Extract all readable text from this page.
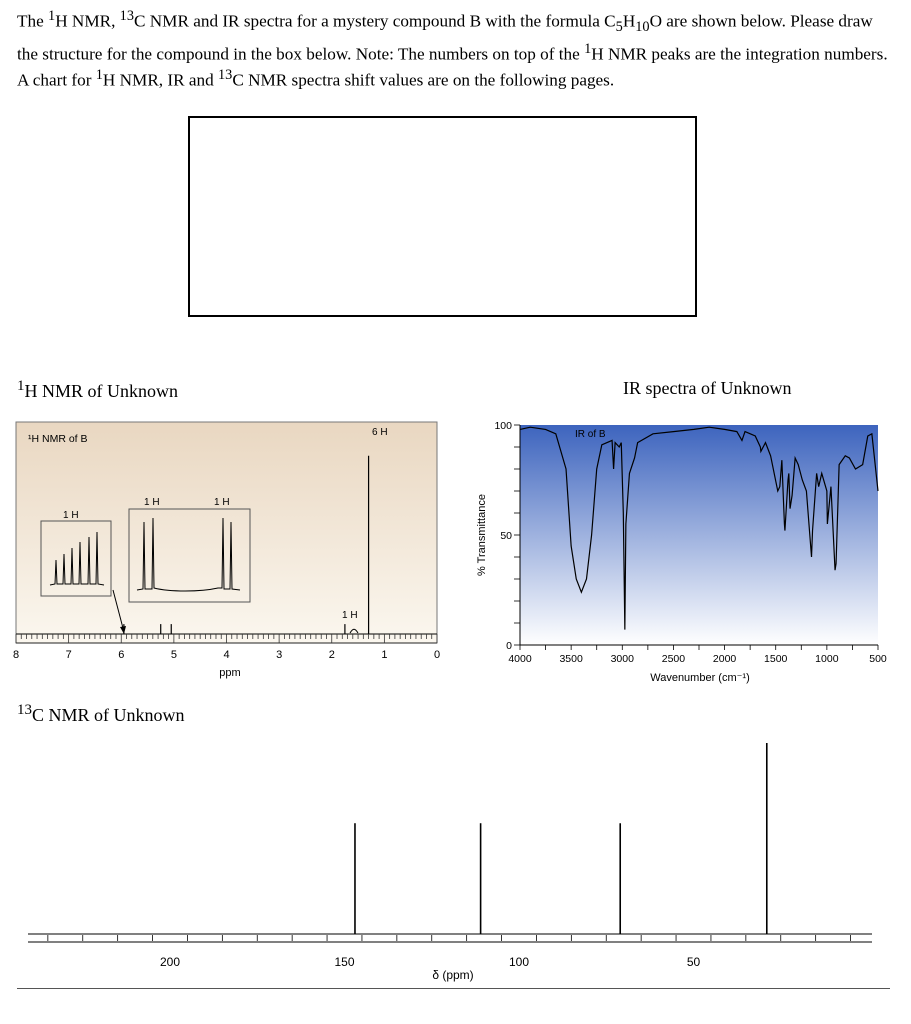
The $^1$H NMR, $^{13}$C NMR and IR spectra for a mystery compound B with the formula $C_5H_{10}O$ are shown below. Please draw the structure for the compound in the box below. Note: The numbers on top of the $^1$H NMR peaks are the integration numbers. A chart for $^1$H NMR, IR and $^{13}$C NMR spectra shift values are on the following pages.

$^1$H NMR of Unknown	IR spectra of Unknown
$^{13}$C NMR of Unknown
¹H NMR of B
1 H
1 H	1 H
6 H
1 H
8	7	6	5	4	3	2	1	0
ppm
IR of B
0
50
100
4000	3500	3000	2500	2000	1500	1000	500
Wavenumber (cm⁻¹)
% Transmittance
200	150	100	50
δ (ppm)
